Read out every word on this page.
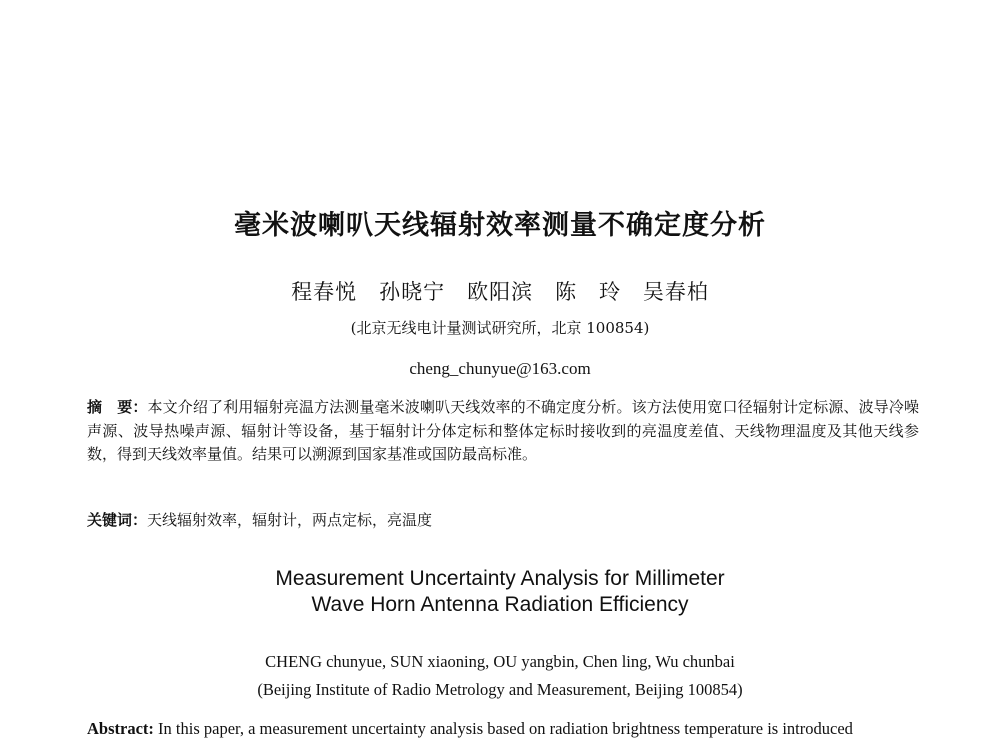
毫米波喇叭天线辐射效率测量不确定度分析
程春悦　孙晓宁　欧阳滨　陈　玲 吴春柏
(北京无线电计量测试研究所，北京 100854)
cheng_chunyue@163.com
摘　要：本文介绍了利用辐射亮温方法测量毫米波喇叭天线效率的不确定度分析。该方法使用宽口径辐射计定标源、波导冷噪声源、波导热噪声源、辐射计等设备，基于辐射计分体定标和整体定标时接收到的亮温度差值、天线物理温度及其他天线参数，得到天线效率量值。结果可以溯源到国家基准或国防最高标准。
关键词：天线辐射效率，辐射计，两点定标，亮温度
Measurement Uncertainty Analysis for Millimeter
Wave Horn Antenna Radiation Efficiency
CHENG chunyue, SUN xiaoning, OU yangbin, Chen ling, Wu chunbai
(Beijing Institute of Radio Metrology and Measurement, Beijing 100854)
Abstract: In this paper, a measurement uncertainty analysis based on radiation brightness temperature is introduced
